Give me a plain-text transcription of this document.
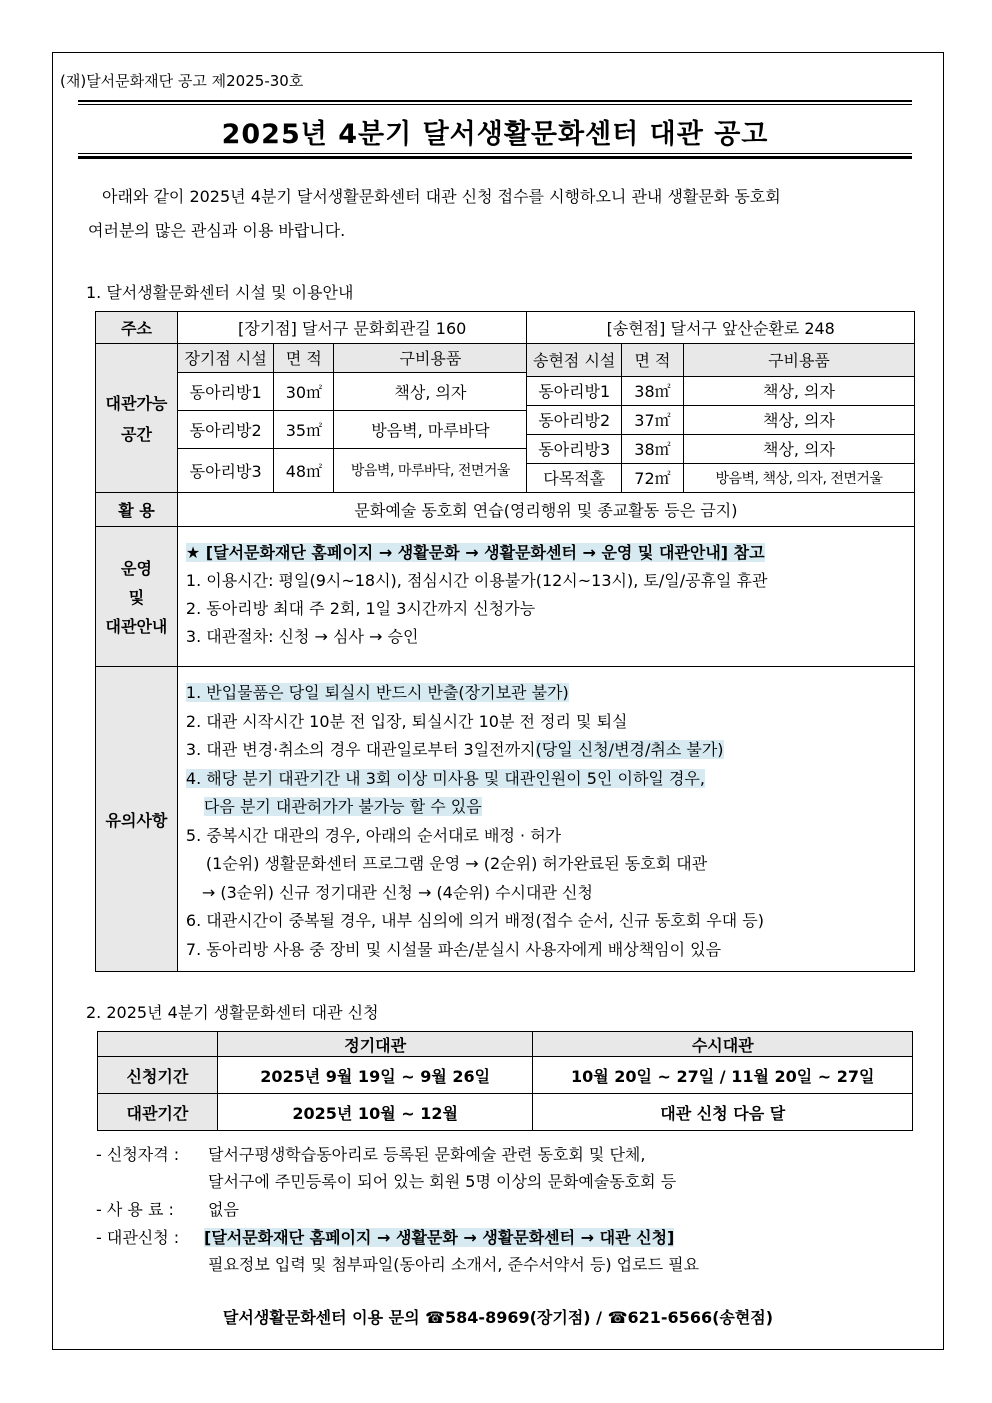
(재)달서문화재단 공고 제2025-30호
2025년 4분기 달서생활문화센터 대관 공고
아래와 같이 2025년 4분기 달서생활문화센터 대관 신청 접수를 시행하오니 관내 생활문화 동호회
여러분의 많은 관심과 이용 바랍니다.
1. 달서생활문화센터 시설 및 이용안내
주소	[장기점] 달서구 문화회관길 160	[송현점] 달서구 앞산순환로 248

대관가능
공간

장기점 시설	면 적	구비용품
동아리방1	30㎡	책상, 의자
동아리방2	35㎡	방음벽, 마루바닥
동아리방3	48㎡	방음벽, 마루바닥, 전면거울

송현점 시설	면 적	구비용품
동아리방1	38㎡	책상, 의자
동아리방2	37㎡	책상, 의자
동아리방3	38㎡	책상, 의자
다목적홀	72㎡	방음벽, 책상, 의자, 전면거울

활 용	문화예술 동호회 연습(영리행위 및 종교활동 등은 금지)

운영
및
대관안내

★ [달서문화재단 홈페이지 → 생활문화 → 생활문화센터 → 운영 및 대관안내] 참고
1. 이용시간: 평일(9시~18시), 점심시간 이용불가(12시~13시), 토/일/공휴일 휴관
2. 동아리방 최대 주 2회, 1일 3시간까지 신청가능
3. 대관절차: 신청 → 심사 → 승인

유의사항	
1. 반입물품은 당일 퇴실시 반드시 반출(장기보관 불가)
2. 대관 시작시간 10분 전 입장, 퇴실시간 10분 전 정리 및 퇴실
3. 대관 변경·취소의 경우 대관일로부터 3일전까지(당일 신청/변경/취소 불가)
4. 해당 분기 대관기간 내 3회 이상 미사용 및 대관인원이 5인 이하일 경우,
다음 분기 대관허가가 불가능 할 수 있음
5. 중복시간 대관의 경우, 아래의 순서대로 배정 · 허가
(1순위) 생활문화센터 프로그램 운영 → (2순위) 허가완료된 동호회 대관
→ (3순위) 신규 정기대관 신청 → (4순위) 수시대관 신청
6. 대관시간이 중복될 경우, 내부 심의에 의거 배정(접수 순서, 신규 동호회 우대 등)
7. 동아리방 사용 중 장비 및 시설물 파손/분실시 사용자에게 배상책임이 있음
2. 2025년 4분기 생활문화센터 대관 신청
	정기대관	수시대관
신청기간	2025년 9월 19일 ~ 9월 26일	10월 20일 ~ 27일 / 11월 20일 ~ 27일
대관기간	2025년 10월 ~ 12월	대관 신청 다음 달
- 신청자격 : 달서구평생학습동아리로 등록된 문화예술 관련 동호회 및 단체,
달서구에 주민등록이 되어 있는 회원 5명 이상의 문화예술동호회 등
- 사 용 료 : 없음
- 대관신청 : [달서문화재단 홈페이지 → 생활문화 → 생활문화센터 → 대관 신청]
필요정보 입력 및 첨부파일(동아리 소개서, 준수서약서 등) 업로드 필요
달서생활문화센터 이용 문의 ☎584-8969(장기점) / ☎621-6566(송현점)
